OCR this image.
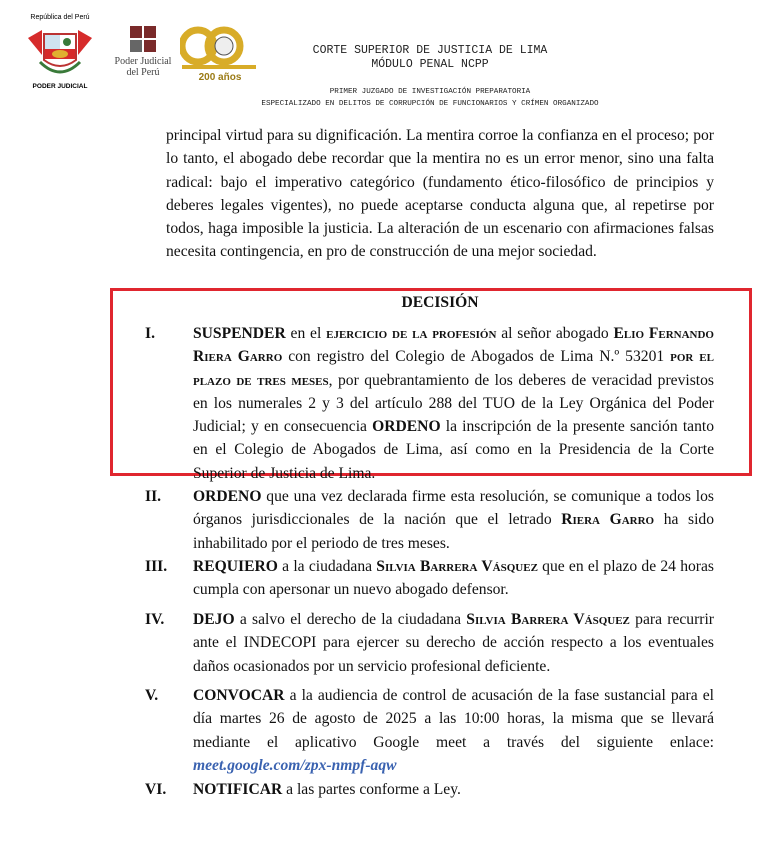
República del Perú
PODER JUDICIAL
Poder Judicial del Perú	200 años
CORTE SUPERIOR DE JUSTICIA DE LIMA
MÓDULO PENAL NCPP
PRIMER JUZGADO DE INVESTIGACIÓN PREPARATORIA
ESPECIALIZADO EN DELITOS DE CORRUPCIÓN DE FUNCIONARIOS Y CRÍMEN ORGANIZADO
principal virtud para su dignificación. La mentira corroe la confianza en el proceso; por lo tanto, el abogado debe recordar que la mentira no es un error menor, sino una falta radical: bajo el imperativo categórico (fundamento ético-filosófico de principios y deberes legales vigentes), no puede aceptarse conducta alguna que, al repetirse por todos, haga imposible la justicia. La alteración de un escenario con afirmaciones falsas necesita contingencia, en pro de construcción de una mejor sociedad.
DECISIÓN
I. SUSPENDER en el ejercicio de la profesión al señor abogado Elio Fernando Riera Garro con registro del Colegio de Abogados de Lima N.º 53201 por el plazo de tres meses, por quebrantamiento de los deberes de veracidad previstos en los numerales 2 y 3 del artículo 288 del TUO de la Ley Orgánica del Poder Judicial; y en consecuencia ORDENO la inscripción de la presente sanción tanto en el Colegio de Abogados de Lima, así como en la Presidencia de la Corte Superior de Justicia de Lima.
II. ORDENO que una vez declarada firme esta resolución, se comunique a todos los órganos jurisdiccionales de la nación que el letrado Riera Garro ha sido inhabilitado por el periodo de tres meses.
III. REQUIERO a la ciudadana Silvia Barrera Vásquez que en el plazo de 24 horas cumpla con apersonar un nuevo abogado defensor.
IV. DEJO a salvo el derecho de la ciudadana Silvia Barrera Vásquez para recurrir ante el INDECOPI para ejercer su derecho de acción respecto a los eventuales daños ocasionados por un servicio profesional deficiente.
V. CONVOCAR a la audiencia de control de acusación de la fase sustancial para el día martes 26 de agosto de 2025 a las 10:00 horas, la misma que se llevará mediante el aplicativo Google meet a través del siguiente enlace: meet.google.com/zpx-nmpf-aqw
VI. NOTIFICAR a las partes conforme a Ley.
